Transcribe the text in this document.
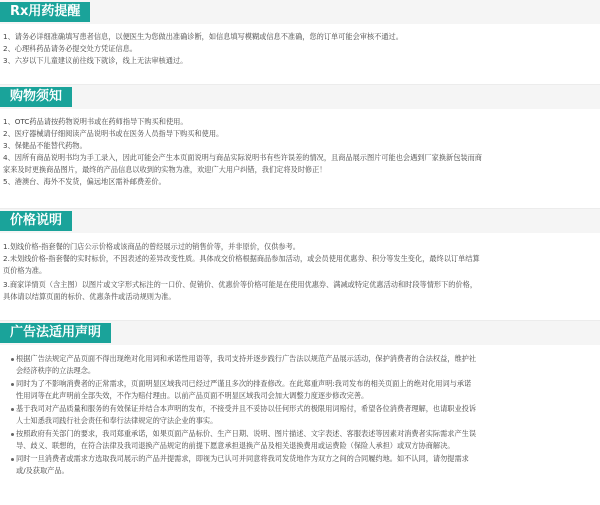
Rx用药提醒
1、请务必详细准确填写患者信息，以便医生为您做出准确诊断，如信息填写模糊或信息不准确，您的订单可能会审核不通过。
2、心理科药品请务必提交处方凭证信息。
3、六岁以下儿童建议前往线下就诊，线上无法审核通过。
购物须知
1、OTC药品请按药物说明书或在药师指导下购买和使用。
2、医疗器械请仔细阅读产品说明书或在医务人员指导下购买和使用。
3、保健品不能替代药物。
4、因所有商品说明书均为手工录入，因此可能会产生本页面说明与商品实际说明书有些许误差的情况，且商品展示图片可能也会遇到厂家换新包装而商
家来及时更换商品图片，最终的产品信息以收到的实物为准，欢迎广大用户纠错，我们定将及时修正！
5、港澳台、海外不发货，偏远地区需补邮费差价。
价格说明
1.划线价格-指套餐的门店公示价格或该商品的曾经展示过的销售价等，并非原价，仅供参考。
2.未划线价格-指套餐的实时标价，不因表述的差异改变性质。具体成交价格根据商品参加活动，或会员使用优惠券、积分等发生变化，最终以订单结算
页价格为准。
3.商家详情页（含主图）以图片或文字形式标注的一口价、促销价、优惠价等价格可能是在使用优惠券、满减或特定优惠活动和时段等情形下的价格，
具体请以结算页面的标价、优惠条件或活动规则为准。
广告法适用声明
根据广告法规定产品页面不得出现绝对化用词和承诺性用语等，我司支持并逐步践行广告法以规范产品展示活动，保护消费者的合法权益，维护社
会经济秩序的立法理念。
同时为了不影响消费者的正常需求，页面明显区域我司已经过严谨且多次的排查修改。在此郑重声明:我司发布的相关页面上的绝对化用词与承诺
性用词等在此声明前全部失效，不作为赔付理由。以前产品页面不明显区域我司会加大调整力度逐步修改完善。
基于我司对产品质量和服务的有效保证并结合本声明的发布，不接受并且不妥协以任何形式的极限用词赔付，希望各位消费者理解，也请职业投诉
人士知悉我司践行社会责任和奉行法律规定的守法企业的事实。
按照政府有关部门的要求，我司郑重承诺，如果页面产品标价、生产日期、说明、图片描述、文字表述、客服表述等因素对消费者实际需求产生误
导、歧义、联想的，在符合法律及我司退换产品规定的前提下愿意承担退换产品及相关退换费用或运费险（保险人承担）或双方协商解决。
同时一旦消费者或需求方选取我司展示的产品并提需求，即视为已认可并同意将我司发货地作为双方之间的合同履约地。如不认同，请勿提需求
或/及获取产品。
